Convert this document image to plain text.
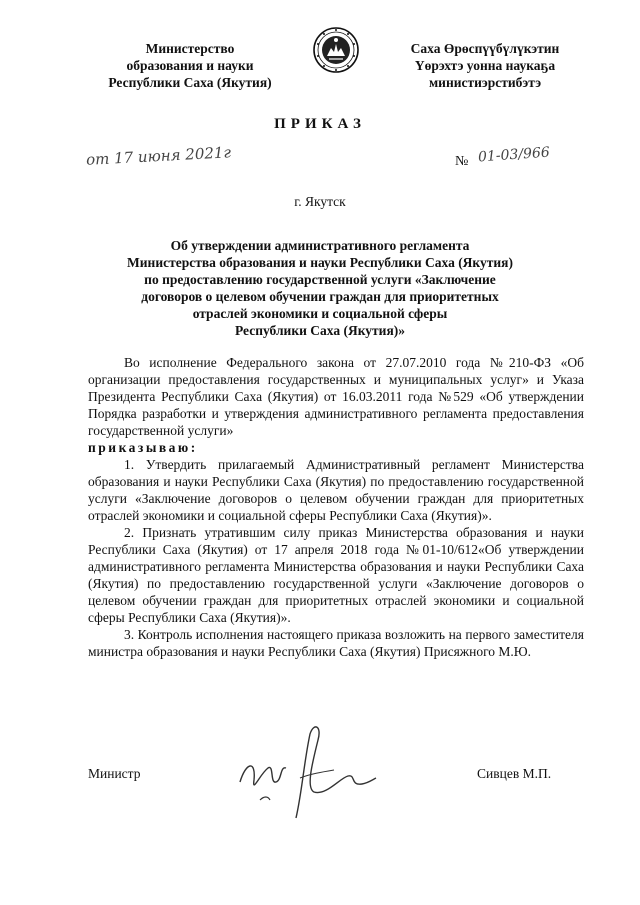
Министерство
образования и науки
Республики Саха (Якутия)
Саха Өрөспүүбүлүкэтин
Үөрэхтэ уонна наукаҕа
министиэрстибэтэ
ПРИКАЗ
от 17 июня 2021г	№ 01-03/966
г. Якутск
Об утверждении административного регламента
Министерства образования и науки Республики Саха (Якутия)
по предоставлению государственной услуги «Заключение
договоров о целевом обучении граждан для приоритетных
отраслей экономики и социальной сферы
Республики Саха (Якутия)»

Во исполнение Федерального закона от 27.07.2010 года №210-ФЗ «Об организации предоставления государственных и муниципальных услуг» и Указа Президента Республики Саха (Якутия) от 16.03.2011 года №529 «Об утверждении Порядка разработки и утверждения административного регламента предоставления государственной услуги»

приказываю:

1. Утвердить прилагаемый Административный регламент Министерства образования и науки Республики Саха (Якутия) по предоставлению государственной услуги «Заключение договоров о целевом обучении граждан для приоритетных отраслей экономики и социальной сферы Республики Саха (Якутия)».

2. Признать утратившим силу приказ Министерства образования и науки Республики Саха (Якутия) от 17 апреля 2018 года №01-10/612«Об утверждении административного регламента Министерства образования и науки Республики Саха (Якутия) по предоставлению государственной услуги «Заключение договоров о целевом обучении граждан для приоритетных отраслей экономики и социальной сферы Республики Саха (Якутия)».

3. Контроль исполнения настоящего приказа возложить на первого заместителя министра образования и науки Республики Саха (Якутия) Присяжного М.Ю.

Министр	Сивцев М.П.
